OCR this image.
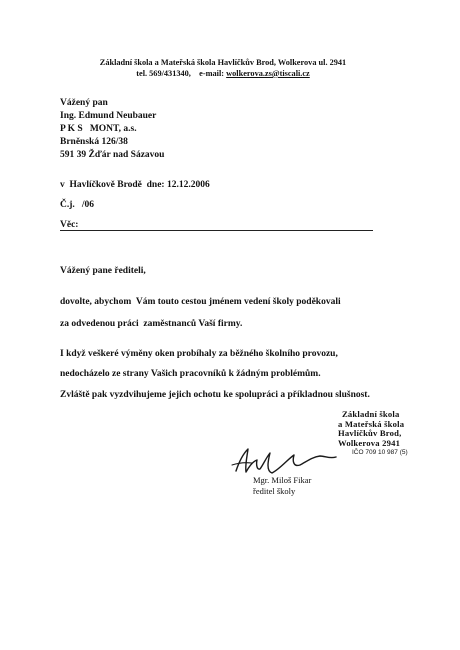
Základní škola a Mateřská škola Havlíčkův Brod, Wolkerova ul. 2941
tel. 569/431340, e-mail: wolkerova.zs@tiscali.cz
Vážený pan
Ing. Edmund Neubauer
P K S   MONT, a.s.
Brněnská 126/38
591 39 Žďár nad Sázavou
v  Havlíčkově Brodě  dne: 12.12.2006
Č.j.   /06
Věc:
Vážený pane řediteli,
dovolte, abychom  Vám touto cestou jménem vedení školy poděkovali
za odvedenou práci  zaměstnanců Vaší firmy.
I když veškeré výměny oken probíhaly za běžného školního provozu,
nedocházelo ze strany Vašich pracovníků k žádným problémům.
Zvláště pak vyzdvihujeme jejich ochotu ke spolupráci a příkladnou slušnost.
Základní škola
a Mateřská škola
Havlíčkův Brod,
Wolkerova 2941
IČO 709 10 987 (5)
Mgr. Miloš Fikar
ředitel školy
